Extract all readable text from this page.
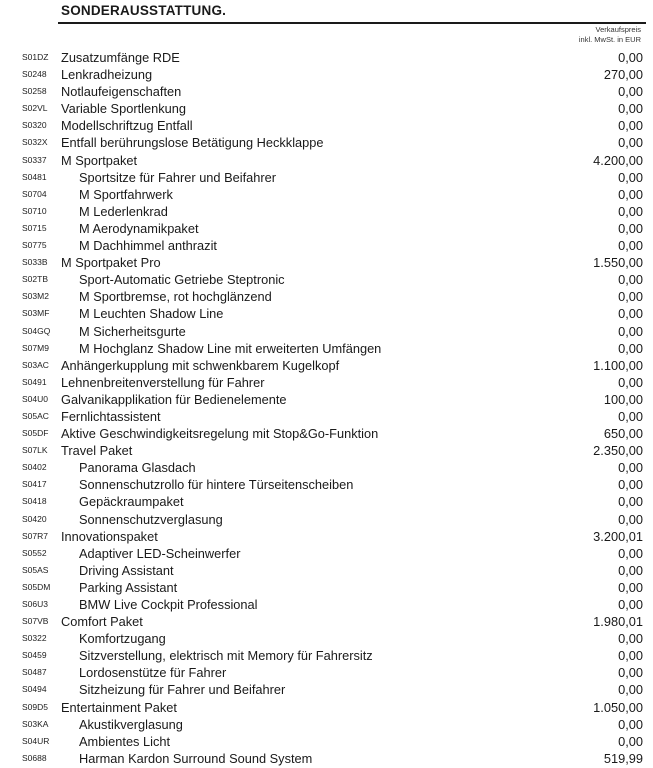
SONDERAUSSTATTUNG.
Verkaufspreis
inkl. MwSt. in EUR
S01DZ Zusatzumfänge RDE	0,00
S0248 Lenkradheizung	270,00
S0258 Notlaufeigenschaften	0,00
S02VL Variable Sportlenkung	0,00
S0320 Modellschriftzug Entfall	0,00
S032X Entfall berührungslose Betätigung Heckklappe	0,00
S0337 M Sportpaket	4.200,00
S0481	Sportsitze für Fahrer und Beifahrer	0,00
S0704	M Sportfahrwerk	0,00
S0710	M Lederlenkrad	0,00
S0715	M Aerodynamikpaket	0,00
S0775	M Dachhimmel anthrazit	0,00
S033B M Sportpaket Pro	1.550,00
S02TB Sport-Automatic Getriebe Steptronic	0,00
S03M2 M Sportbremse, rot hochglänzend	0,00
S03MF M Leuchten Shadow Line	0,00
S04GQ M Sicherheitsgurte	0,00
S07M9 M Hochglanz Shadow Line mit erweiterten Umfängen	0,00
S03AC Anhängerkupplung mit schwenkbarem Kugelkopf	1.100,00
S0491 Lehnenbreitenverstellung für Fahrer	0,00
S04U0 Galvanikapplikation für Bedienelemente	100,00
S05AC Fernlichtassistent	0,00
S05DF Aktive Geschwindigkeitsregelung mit Stop&Go-Funktion	650,00
S07LK Travel Paket	2.350,00
S0402	Panorama Glasdach	0,00
S0417	Sonnenschutzrollo für hintere Türseitenscheiben	0,00
S0418	Gepäckraumpaket	0,00
S0420	Sonnenschutzverglasung	0,00
S07R7 Innovationspaket	3.200,01
S0552	Adaptiver LED-Scheinwerfer	0,00
S05AS Driving Assistant	0,00
S05DM Parking Assistant	0,00
S06U3 BMW Live Cockpit Professional	0,00
S07VB Comfort Paket	1.980,01
S0322	Komfortzugang	0,00
S0459	Sitzverstellung, elektrisch mit Memory für Fahrersitz	0,00
S0487	Lordosenstütze für Fahrer	0,00
S0494	Sitzheizung für Fahrer und Beifahrer	0,00
S09D5 Entertainment Paket	1.050,00
S03KA Akustikverglasung	0,00
S04UR Ambientes Licht	0,00
S0688	Harman Kardon Surround Sound System	519,99
